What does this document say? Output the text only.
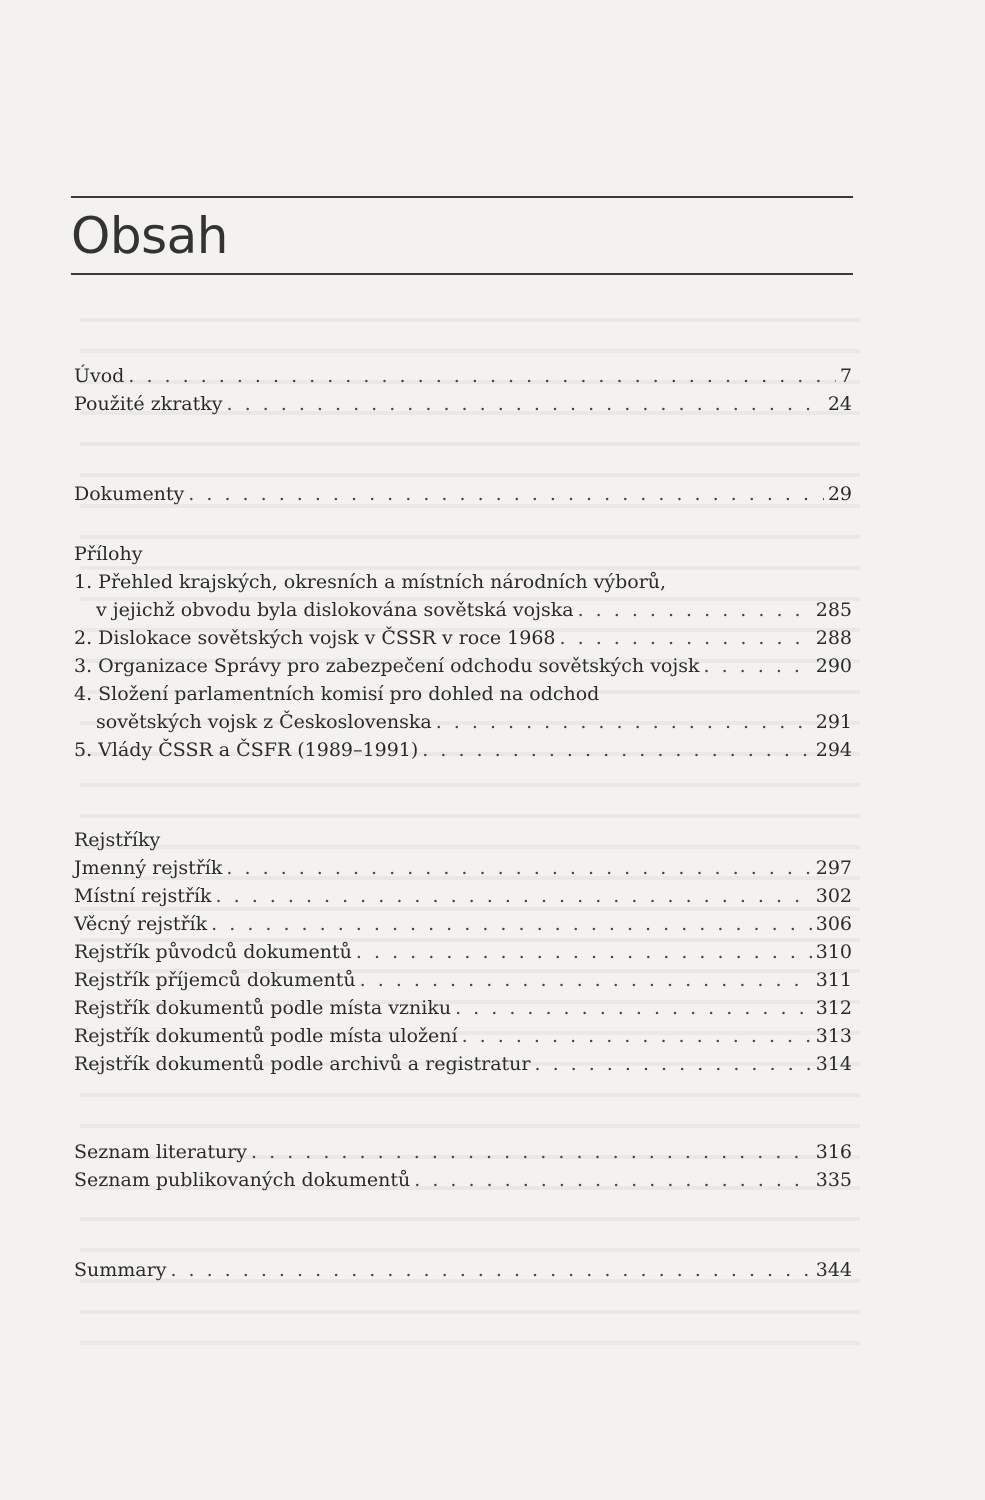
Obsah
Úvod . . .	7
Použité zkratky . . .	24
Dokumenty . . .	29
Přílohy
1. Přehled krajských, okresních a místních národních výborů,
v jejichž obvodu byla dislokována sovětská vojska . . .	285
2. Dislokace sovětských vojsk v ČSSR v roce 1968 . . .	288
3. Organizace Správy pro zabezpečení odchodu sovětských vojsk . . .	290
4. Složení parlamentních komisí pro dohled na odchod
sovětských vojsk z Československa . . .	291
5. Vlády ČSSR a ČSFR (1989–1991) . . .	294
Rejstříky
Jmenný rejstřík . . .	297
Místní rejstřík . . .	302
Věcný rejstřík . . .	306
Rejstřík původců dokumentů . . .	310
Rejstřík příjemců dokumentů . . .	311
Rejstřík dokumentů podle místa vzniku . . .	312
Rejstřík dokumentů podle místa uložení . . .	313
Rejstřík dokumentů podle archivů a registratur . . .	314
Seznam literatury . . .	316
Seznam publikovaných dokumentů . . .	335
Summary . . .	344
